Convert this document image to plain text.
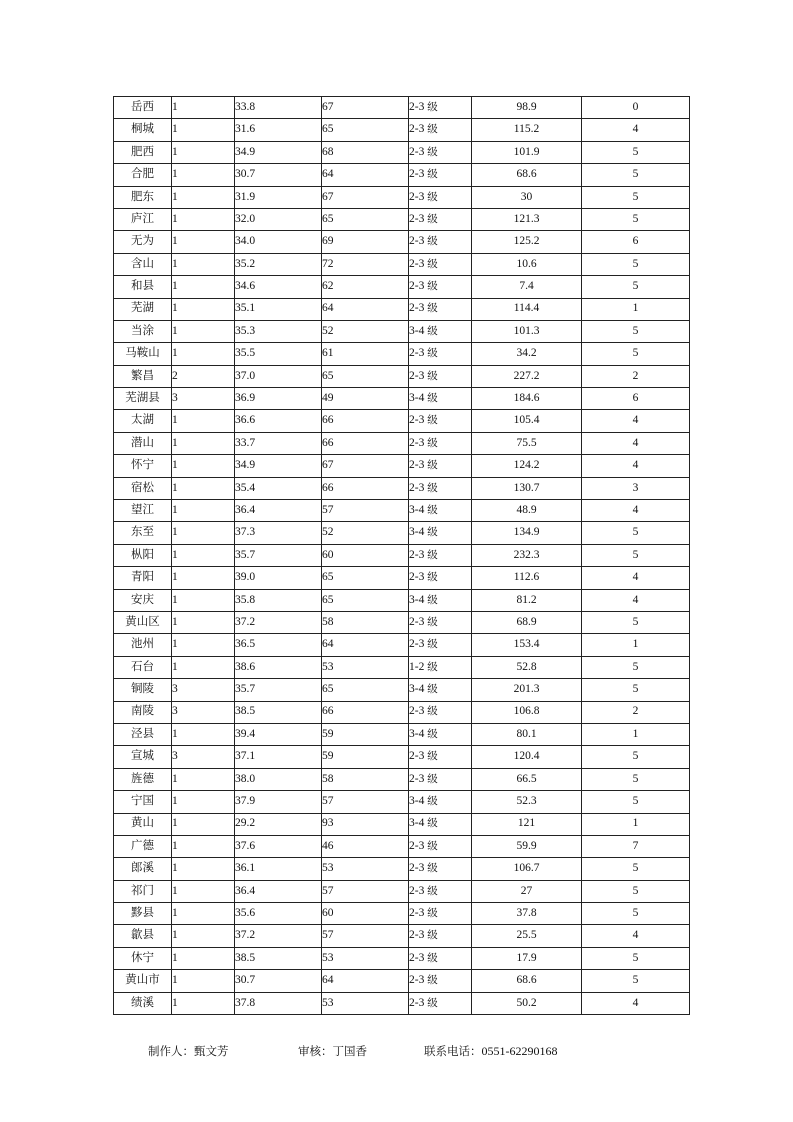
岳西	1	33.8	67	2-3 级	98.9	0
桐城	1	31.6	65	2-3 级	115.2	4
肥西	1	34.9	68	2-3 级	101.9	5
合肥	1	30.7	64	2-3 级	68.6	5
肥东	1	31.9	67	2-3 级	30	5
庐江	1	32.0	65	2-3 级	121.3	5
无为	1	34.0	69	2-3 级	125.2	6
含山	1	35.2	72	2-3 级	10.6	5
和县	1	34.6	62	2-3 级	7.4	5
芜湖	1	35.1	64	2-3 级	114.4	1
当涂	1	35.3	52	3-4 级	101.3	5
马鞍山	1	35.5	61	2-3 级	34.2	5
繁昌	2	37.0	65	2-3 级	227.2	2
芜湖县	3	36.9	49	3-4 级	184.6	6
太湖	1	36.6	66	2-3 级	105.4	4
潜山	1	33.7	66	2-3 级	75.5	4
怀宁	1	34.9	67	2-3 级	124.2	4
宿松	1	35.4	66	2-3 级	130.7	3
望江	1	36.4	57	3-4 级	48.9	4
东至	1	37.3	52	3-4 级	134.9	5
枞阳	1	35.7	60	2-3 级	232.3	5
青阳	1	39.0	65	2-3 级	112.6	4
安庆	1	35.8	65	3-4 级	81.2	4
黄山区	1	37.2	58	2-3 级	68.9	5
池州	1	36.5	64	2-3 级	153.4	1
石台	1	38.6	53	1-2 级	52.8	5
铜陵	3	35.7	65	3-4 级	201.3	5
南陵	3	38.5	66	2-3 级	106.8	2
泾县	1	39.4	59	3-4 级	80.1	1
宣城	3	37.1	59	2-3 级	120.4	5
旌德	1	38.0	58	2-3 级	66.5	5
宁国	1	37.9	57	3-4 级	52.3	5
黄山	1	29.2	93	3-4 级	121	1
广德	1	37.6	46	2-3 级	59.9	7
郎溪	1	36.1	53	2-3 级	106.7	5
祁门	1	36.4	57	2-3 级	27	5
黟县	1	35.6	60	2-3 级	37.8	5
歙县	1	37.2	57	2-3 级	25.5	4
休宁	1	38.5	53	2-3 级	17.9	5
黄山市	1	30.7	64	2-3 级	68.6	5
绩溪	1	37.8	53	2-3 级	50.2	4
制作人：甄文芳	审核：丁国香	联系电话：0551-62290168
